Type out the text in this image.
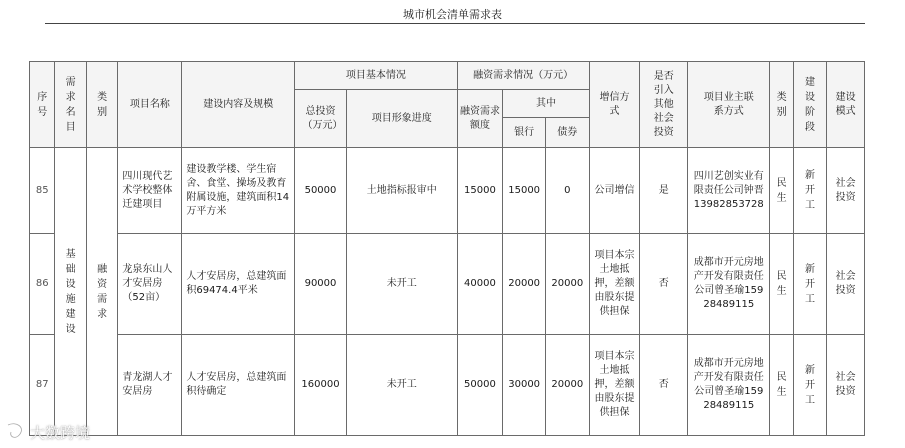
城市机会清单需求表
序号	需求名目	类别	项目名称	建设内容及规模	项目基本情况		融资需求情况（万元）			增信方式	是否引入其他社会投资	项目业主联系方式	类别	建设阶段	建设模式

					总投资（万元）	项目形象进度	融资需求额度	其中							
								银行	债券						
85	基础设施建设	融资需求	四川现代艺术学校整体迁建项目	建设教学楼、学生宿舍、食堂、操场及教育附属设施，建筑面积14万平方米	50000	土地指标报审中	15000	15000	0	公司增信	是	四川艺创实业有限责任公司钟晋13982853728	民生	新开工	社会投资

86			龙泉东山人才安居房（52亩）	人才安居房，总建筑面积69474.4平米	90000	未开工	40000	20000	20000	项目本宗土地抵押，差额由股东提供担保	否	成都市开元房地产开发有限责任公司曾圣瑜15928489115	民生	新开工	社会投资

87			青龙湖人才安居房	人才安居房，总建筑面积待确定	160000	未开工	50000	30000	20000	项目本宗土地抵押，差额由股东提供担保	否	成都市开元房地产开发有限责任公司曾圣瑜15928489115	民生	新开工	社会投资
大数跨境
